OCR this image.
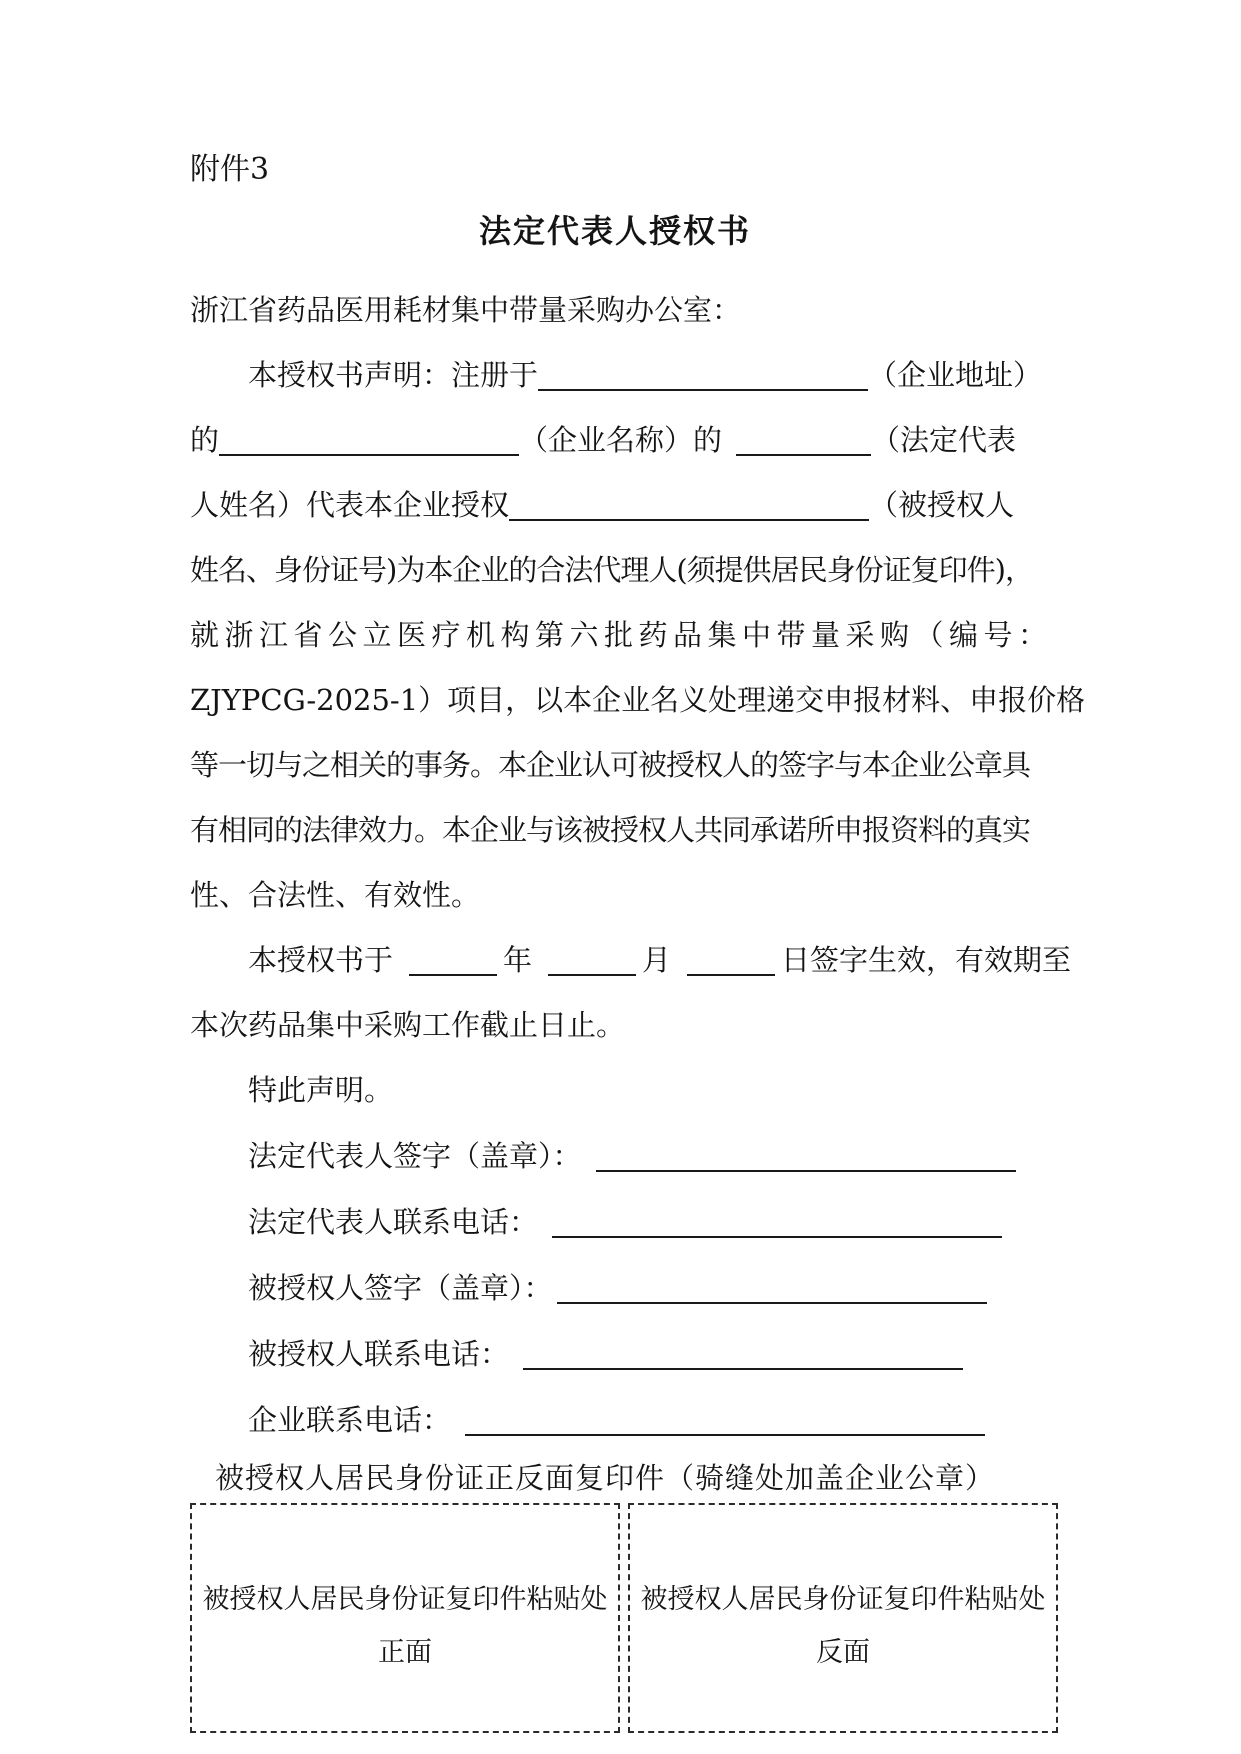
附件3
法定代表人授权书
浙江省药品医用耗材集中带量采购办公室：
本授权书声明：注册于	（企业地址）
的	（企业名称）的	（法定代表
人姓名）代表本企业授权	（被授权人
姓名、身份证号)为本企业的合法代理人(须提供居民身份证复印件)，
就浙江省公立医疗机构第六批药品集中带量采购（编号：
ZJYPCG-2025-1）项目，以本企业名义处理递交申报材料、申报价格
等一切与之相关的事务。本企业认可被授权人的签字与本企业公章具
有相同的法律效力。本企业与该被授权人共同承诺所申报资料的真实
性、合法性、有效性。
本授权书于	年	月	日签字生效，有效期至
本次药品集中采购工作截止日止。
特此声明。
法定代表人签字（盖章）：
法定代表人联系电话：
被授权人签字（盖章）：
被授权人联系电话：
企业联系电话：
被授权人居民身份证正反面复印件（骑缝处加盖企业公章）
被授权人居民身份证复印件粘贴处
正面
被授权人居民身份证复印件粘贴处
反面
